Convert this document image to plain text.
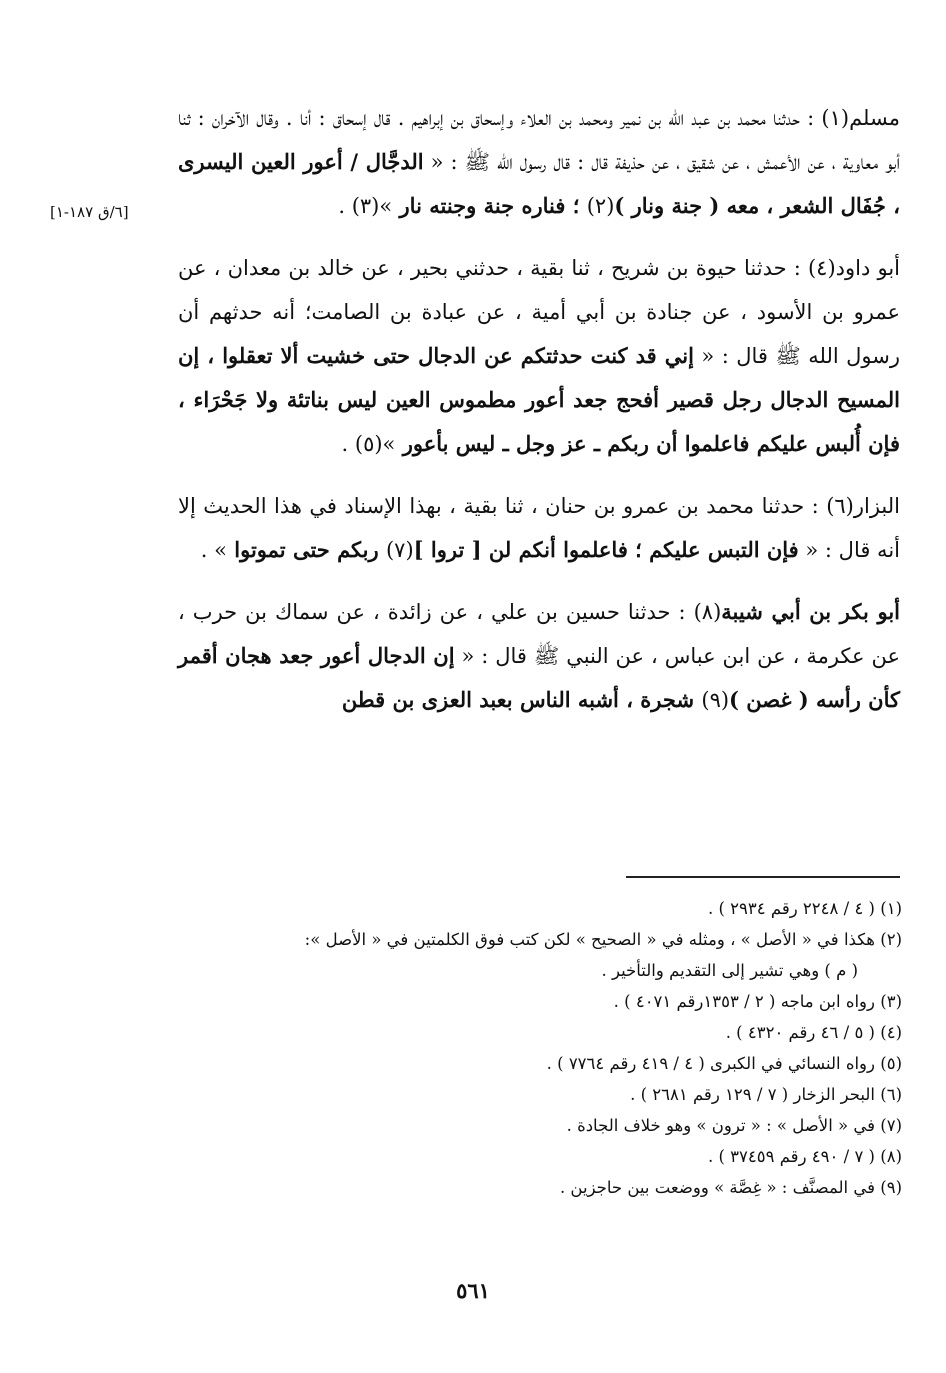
[٦/ق ١٨٧-١]

مسلم(١) : حدثنا محمد بن عبد الله بن نمير ومحمد بن العلاء وإسحاق بن إبراهيم . قال إسحاق : أنا . وقال الآخران : ثنا أبو معاوية ، عن الأعمش ، عن شقيق ، عن حذيفة قال : قال رسول الله ﷺ : « الدجَّال / أعور العين اليسرى ، جُفَال الشعر ، معه ( جنة ونار )(٢) ؛ فناره جنة وجنته نار »(٣) .

أبو داود(٤) : حدثنا حيوة بن شريح ، ثنا بقية ، حدثني بحير ، عن خالد بن معدان ، عن عمرو بن الأسود ، عن جنادة بن أبي أمية ، عن عبادة بن الصامت؛ أنه حدثهم أن رسول الله ﷺ قال : « إني قد كنت حدثتكم عن الدجال حتى خشيت ألا تعقلوا ، إن المسيح الدجال رجل قصير أفحج جعد أعور مطموس العين ليس بناتئة ولا جَحْرَاء ، فإن أُلبس عليكم فاعلموا أن ربكم ـ عز وجل ـ ليس بأعور »(٥) .

البزار(٦) : حدثنا محمد بن عمرو بن حنان ، ثنا بقية ، بهذا الإسناد في هذا الحديث إلا أنه قال : « فإن التبس عليكم ؛ فاعلموا أنكم لن [ تروا ](٧) ربكم حتى تموتوا » .

أبو بكر بن أبي شيبة(٨) : حدثنا حسين بن علي ، عن زائدة ، عن سماك بن حرب ، عن عكرمة ، عن ابن عباس ، عن النبي ﷺ قال : « إن الدجال أعور جعد هجان أقمر كأن رأسه ( غصن )(٩) شجرة ، أشبه الناس بعبد العزى بن قطن

(١) ( ٤ / ٢٢٤٨ رقم ٢٩٣٤ ) .

(٢) هكذا في « الأصل » ، ومثله في « الصحيح » لكن كتب فوق الكلمتين في « الأصل »:

( م ) وهي تشير إلى التقديم والتأخير .

(٣) رواه ابن ماجه ( ٢ / ١٣٥٣رقم ٤٠٧١ ) .

(٤) ( ٥ / ٤٦ رقم ٤٣٢٠ ) .

(٥) رواه النسائي في الكبرى ( ٤ / ٤١٩ رقم ٧٧٦٤ ) .

(٦) البحر الزخار ( ٧ / ١٢٩ رقم ٢٦٨١ ) .

(٧) في « الأصل » : « ترون » وهو خلاف الجادة .

(٨) ( ٧ / ٤٩٠ رقم ٣٧٤٥٩ ) .

(٩) في المصنَّف : « غِصَّة » ووضعت بين حاجزين .

٥٦١
